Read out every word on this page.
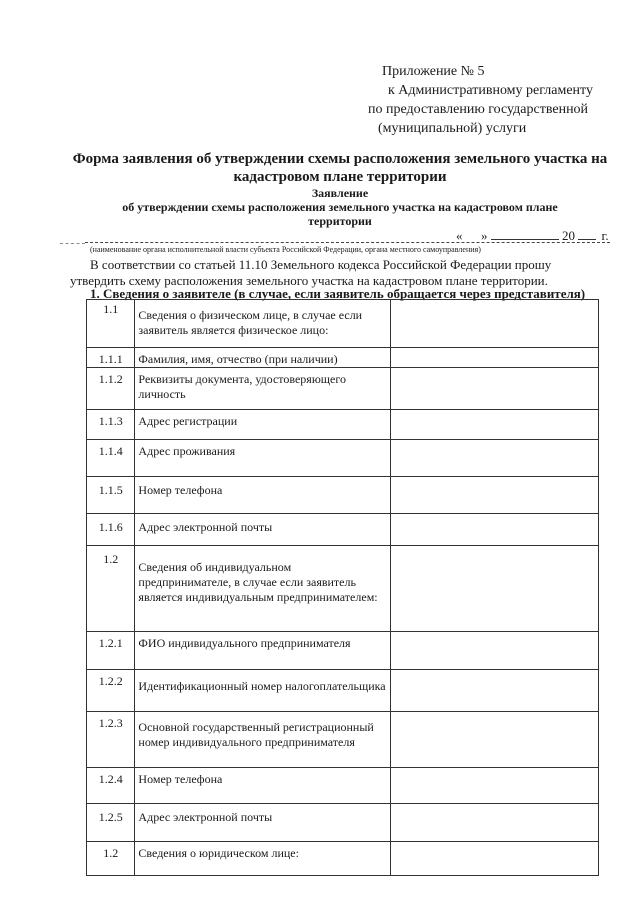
Приложение № 5
к Административному регламенту
по предоставлению государственной
(муниципальной) услуги
Форма заявления об утверждении схемы расположения земельного участка на
кадастровом плане территории
Заявление
об утверждении схемы расположения земельного участка на кадастровом плане
территории
« »	20 г.
(наименование органа исполнительной власти субъекта Российской Федерации, органа местного самоуправления)
В соответствии со статьей 11.10 Земельного кодекса Российской Федерации прошу
утвердить схему расположения земельного участка на кадастровом плане территории.
1. Сведения о заявителе (в случае, если заявитель обращается через представителя)
1.1	Сведения о физическом лице, в случае если заявитель является физическое лицо:	
1.1.1	Фамилия, имя, отчество (при наличии)	
1.1.2	Реквизиты документа, удостоверяющего личность	
1.1.3	Адрес регистрации	
1.1.4	Адрес проживания	
1.1.5	Номер телефона	
1.1.6	Адрес электронной почты	
1.2	Сведения об индивидуальном предпринимателе, в случае если заявитель является индивидуальным предпринимателем:	
1.2.1	ФИО индивидуального предпринимателя	
1.2.2	Идентификационный номер налогоплательщика	
1.2.3	Основной государственный регистрационный номер индивидуального предпринимателя	
1.2.4	Номер телефона	
1.2.5	Адрес электронной почты	
1.2	Сведения о юридическом лице:	
